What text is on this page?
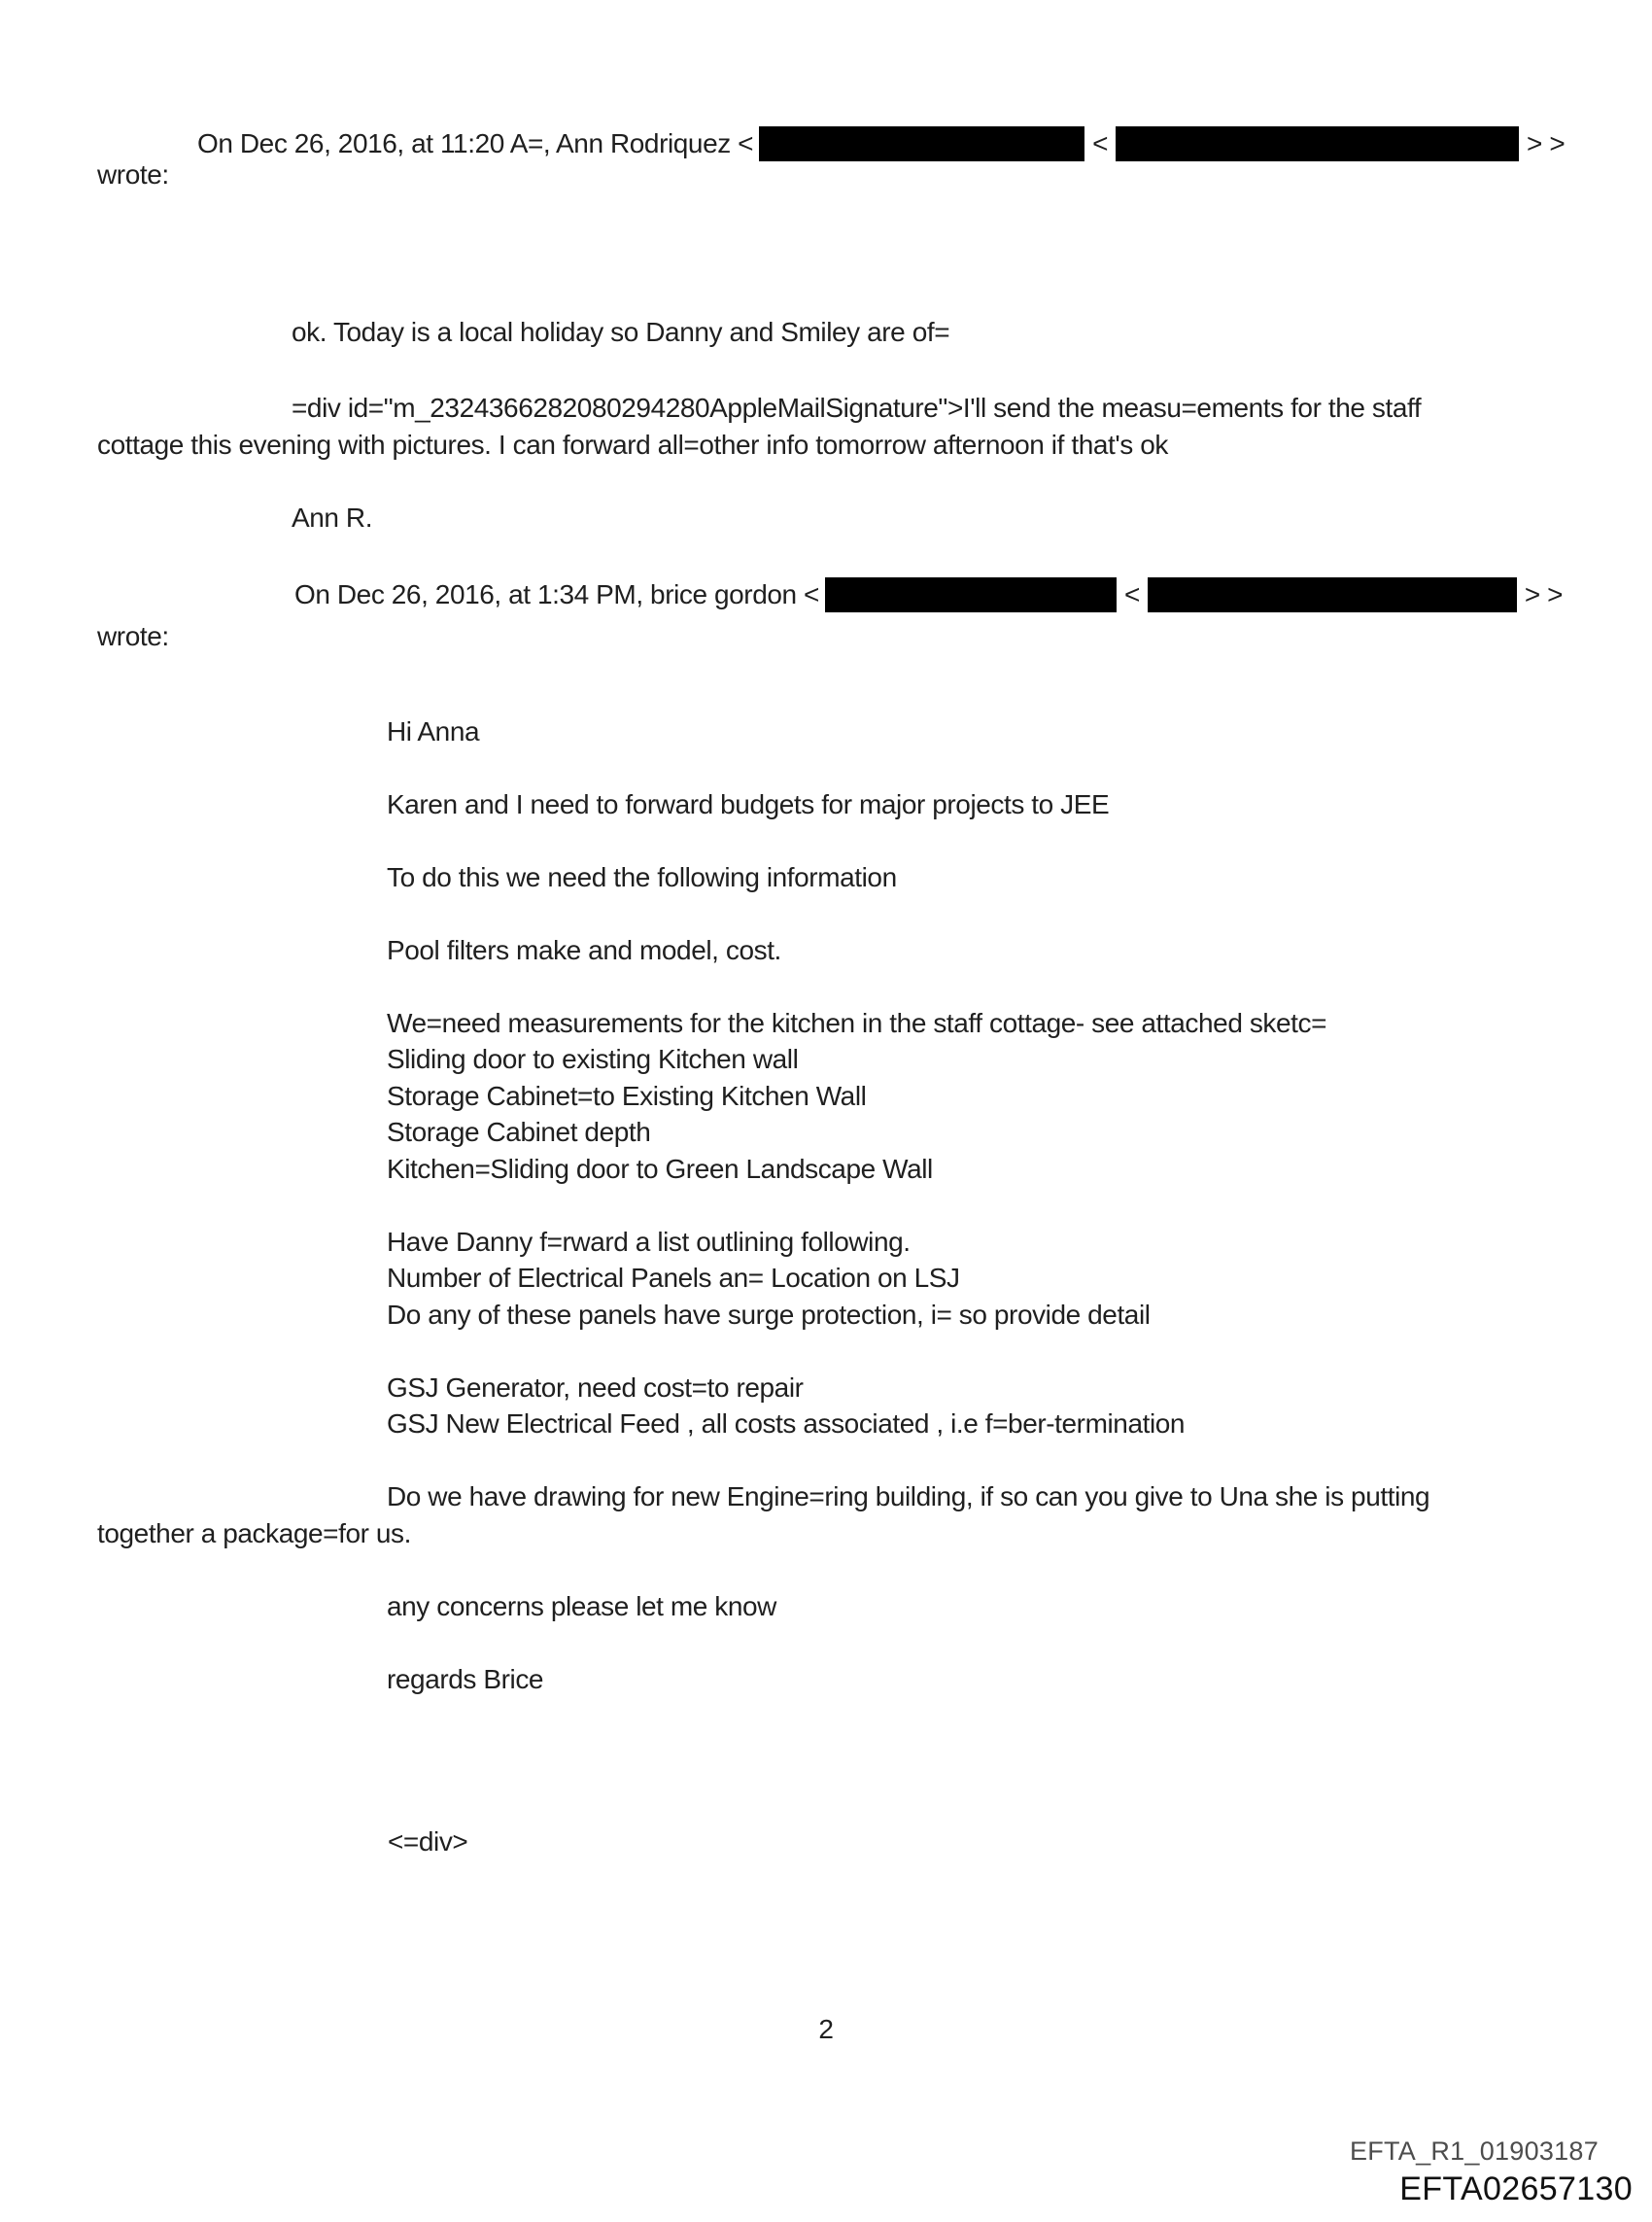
On Dec 26, 2016, at 11:20 A=, Ann Rodriquez <	<	> >
wrote:
ok. Today is a local holiday so Danny and Smiley are of=
=div id="m_2324366282080294280AppleMailSignature">I'll send the measu=ements for the staff
cottage this evening with pictures. I can forward all=other info tomorrow afternoon if that's ok
Ann R.
On Dec 26, 2016, at 1:34 PM, brice gordon <	<	> >
wrote:
Hi Anna
Karen and I need to forward budgets for major projects to JEE
To do this we need the following information
Pool filters make and model, cost.
We=need measurements for the kitchen in the staff cottage- see attached sketc=
Sliding door to existing Kitchen wall
Storage Cabinet=to Existing Kitchen Wall
Storage Cabinet depth
Kitchen=Sliding door to Green Landscape Wall
Have Danny f=rward a list outlining following.
Number of Electrical Panels an= Location on LSJ
Do any of these panels have surge protection, i= so provide detail
GSJ Generator, need cost=to repair
GSJ New Electrical Feed , all costs associated , i.e f=ber-termination
Do we have drawing for new Engine=ring building, if so can you give to Una she is putting
together a package=for us.
any concerns please let me know
regards Brice
<=div>
2
EFTA_R1_01903187
EFTA02657130
